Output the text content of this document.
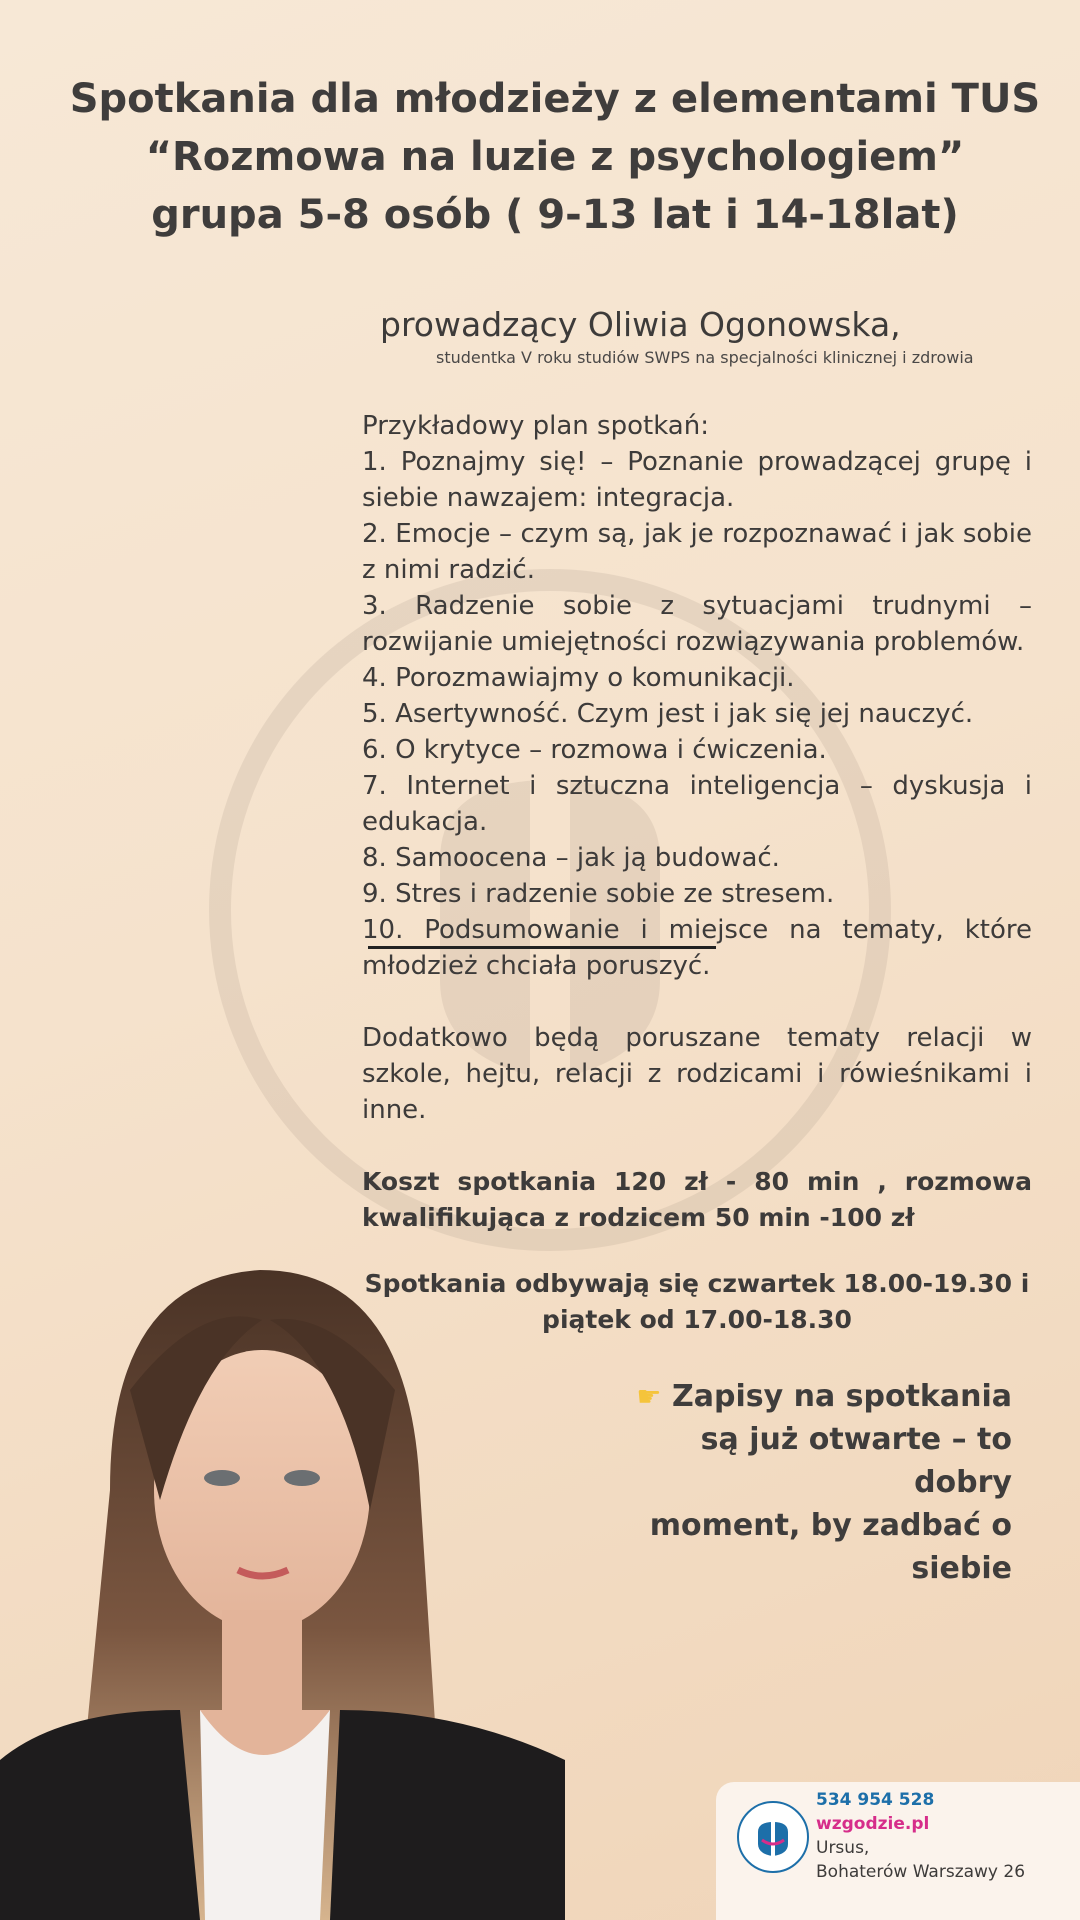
Spotkania dla młodzieży z elementami TUS
“Rozmowa na luzie z psychologiem”
grupa 5-8 osób ( 9-13 lat i 14-18lat)
prowadzący Oliwia Ogonowska,
studentka V roku studiów SWPS na specjalności klinicznej i zdrowia
Przykładowy plan spotkań:
1. Poznajmy się! – Poznanie prowadzącej grupę i siebie nawzajem: integracja.
2. Emocje – czym są, jak je rozpoznawać i jak sobie z nimi radzić.
3. Radzenie sobie z sytuacjami trudnymi – rozwijanie umiejętności rozwiązywania problemów.
4. Porozmawiajmy o komunikacji.
5. Asertywność. Czym jest i jak się jej nauczyć.
6. O krytyce – rozmowa i ćwiczenia.
7. Internet i sztuczna inteligencja – dyskusja i edukacja.
8. Samoocena – jak ją budować.
9. Stres i radzenie sobie ze stresem.
10. Podsumowanie i miejsce na tematy, które młodzież chciała poruszyć.
Dodatkowo będą poruszane tematy relacji w szkole, hejtu, relacji z rodzicami i rówieśnikami i inne.
Koszt spotkania 120 zł - 80 min , rozmowa kwalifikująca z rodzicem 50 min -100 zł
Spotkania odbywają się czwartek 18.00-19.30 i
piątek od 17.00-18.30
☛ Zapisy na spotkania
są już otwarte – to dobry
moment, by zadbać o
siebie
534 954 528
wzgodzie.pl
Ursus,
Bohaterów Warszawy 26
